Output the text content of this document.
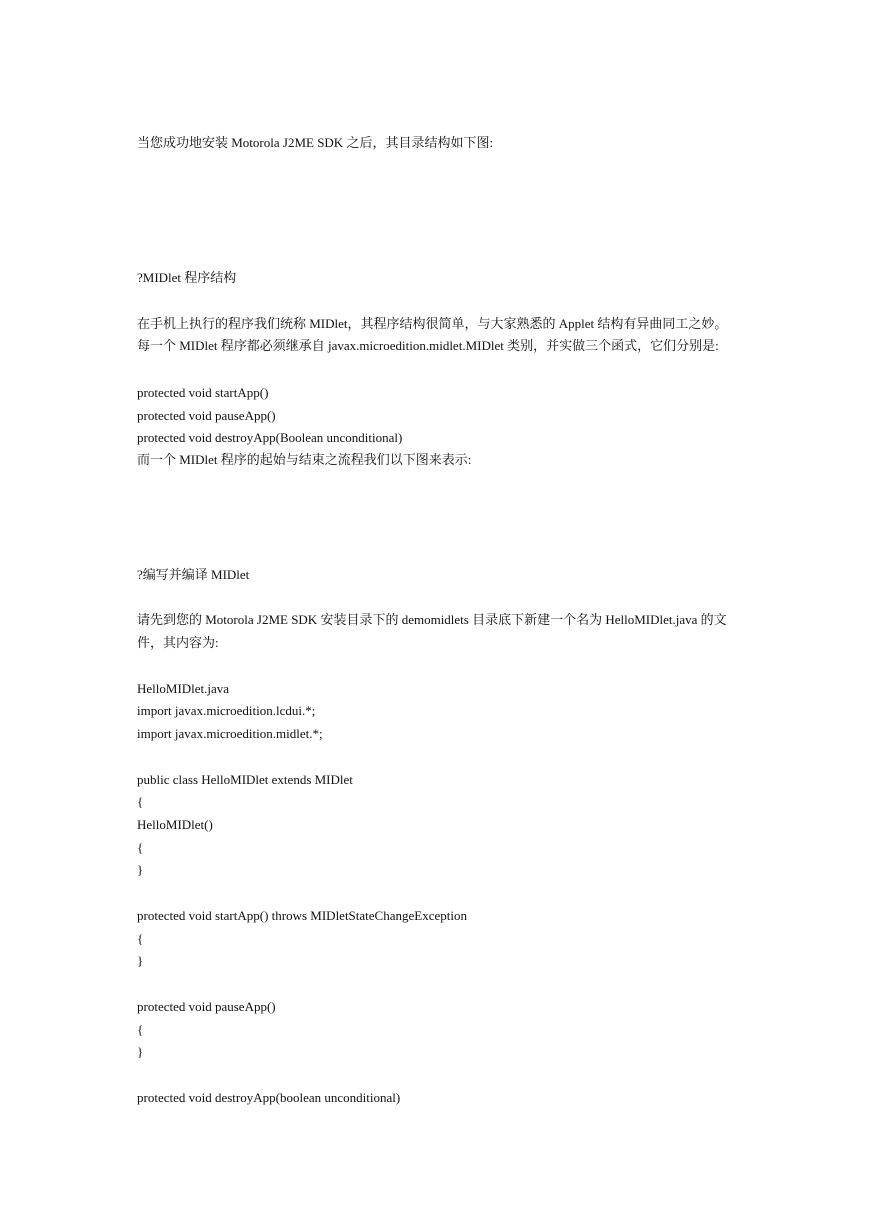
当您成功地安装 Motorola J2ME SDK 之后，其目录结构如下图:
?MIDlet 程序结构
在手机上执行的程序我们统称 MIDlet，其程序结构很简单，与大家熟悉的 Applet 结构有异曲同工之妙。
每一个 MIDlet 程序都必须继承自 javax.microedition.midlet.MIDlet 类别，并实做三个函式，它们分别是:
protected void startApp()
protected void pauseApp()
protected void destroyApp(Boolean unconditional)
而一个 MIDlet 程序的起始与结束之流程我们以下图来表示:
?编写并编译 MIDlet
请先到您的 Motorola J2ME SDK 安装目录下的 demomidlets 目录底下新建一个名为 HelloMIDlet.java 的文
件，其内容为:
HelloMIDlet.java
import javax.microedition.lcdui.*;
import javax.microedition.midlet.*;
public class HelloMIDlet extends MIDlet
{
HelloMIDlet()
{
}
protected void startApp() throws MIDletStateChangeException
{
}
protected void pauseApp()
{
}
protected void destroyApp(boolean unconditional)
